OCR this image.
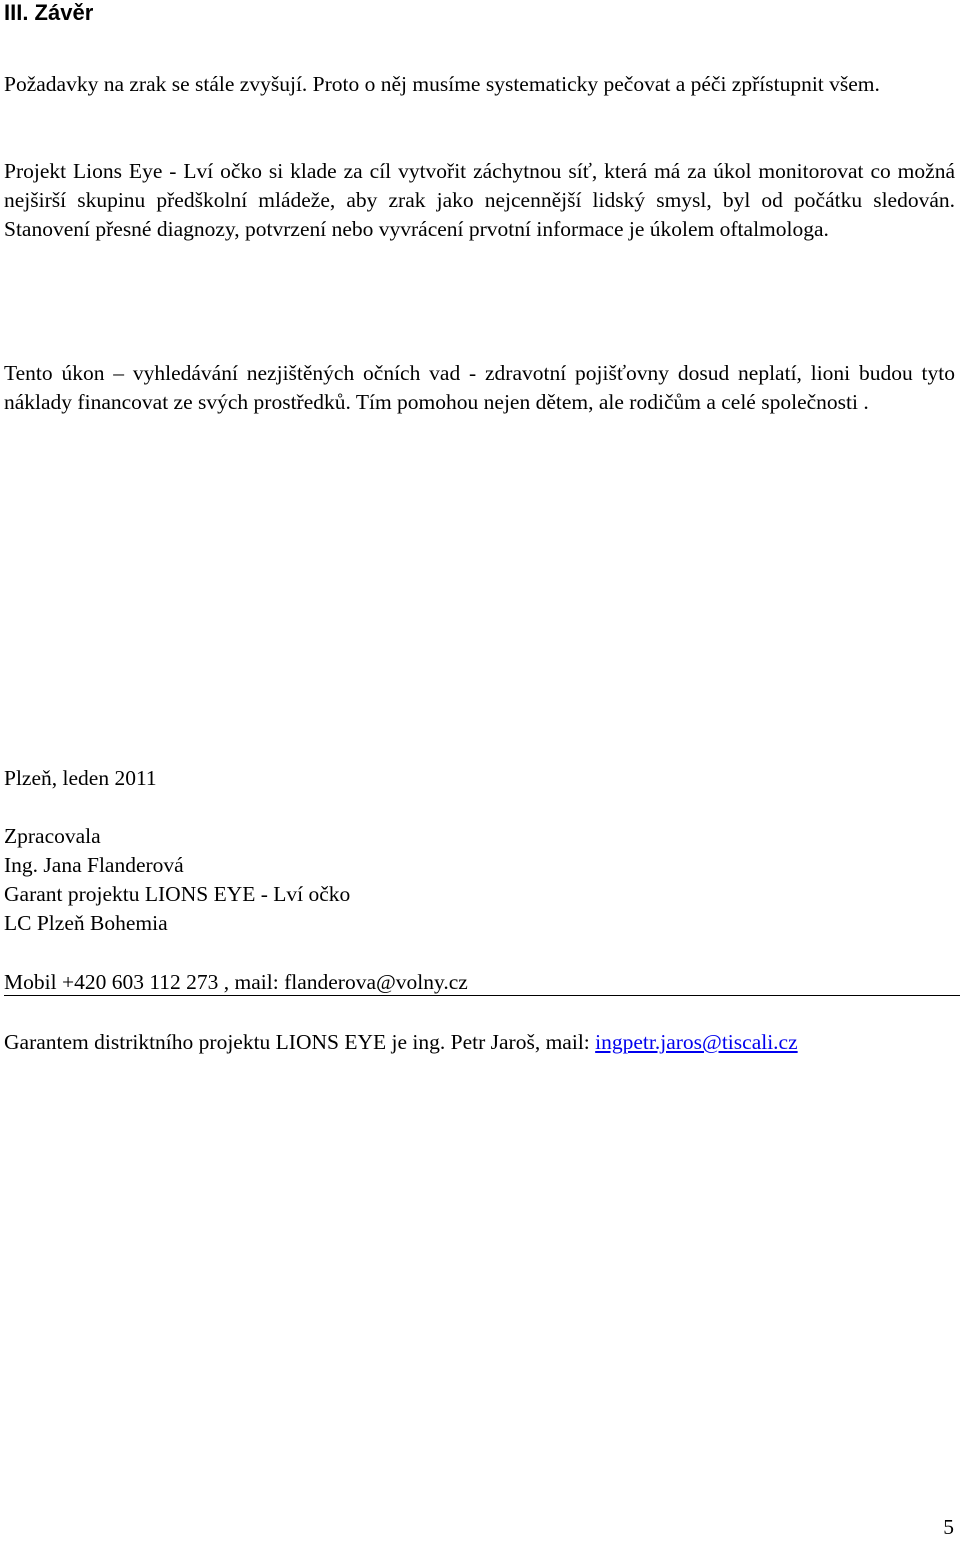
III. Závěr

Požadavky na zrak se stále zvyšují. Proto o něj musíme systematicky pečovat a péči zpřístupnit všem.

Projekt Lions Eye - Lví očko si klade za cíl vytvořit záchytnou síť, která má za úkol monitorovat co možná nejširší skupinu předškolní mládeže, aby zrak jako nejcennější lidský smysl, byl od počátku sledován. Stanovení přesné diagnozy, potvrzení nebo vyvrácení prvotní informace je úkolem oftalmologa.

Tento úkon – vyhledávání nezjištěných očních vad - zdravotní pojišťovny dosud neplatí, lioni budou tyto náklady financovat ze svých prostředků. Tím pomohou nejen dětem, ale rodičům a celé společnosti .

Plzeň, leden 2011

Zpracovala

Ing. Jana Flanderová

Garant projektu LIONS EYE - Lví očko

LC Plzeň Bohemia

Mobil +420 603 112 273 , mail: flanderova@volny.cz

Garantem distriktního projektu LIONS EYE je ing. Petr Jaroš, mail: ingpetr.jaros@tiscali.cz

5
